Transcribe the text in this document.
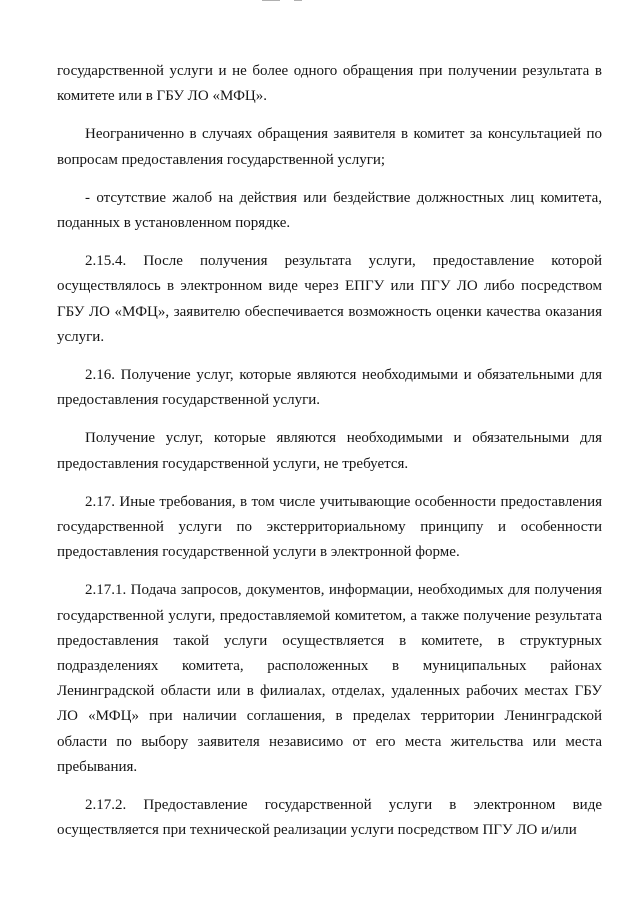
государственной услуги и не более одного обращения при получении результата в комитете или в ГБУ ЛО «МФЦ».

Неограниченно в случаях обращения заявителя в комитет за консультацией по вопросам предоставления государственной услуги;

- отсутствие жалоб на действия или бездействие должностных лиц комитета, поданных в установленном порядке.

2.15.4. После получения результата услуги, предоставление которой осуществлялось в электронном виде через ЕПГУ или ПГУ ЛО либо посредством ГБУ ЛО «МФЦ», заявителю обеспечивается возможность оценки качества оказания услуги.

2.16. Получение услуг, которые являются необходимыми и обязательными для предоставления государственной услуги.

Получение услуг, которые являются необходимыми и обязательными для предоставления государственной услуги, не требуется.

2.17. Иные требования, в том числе учитывающие особенности предоставления государственной услуги по экстерриториальному принципу и особенности предоставления государственной услуги в электронной форме.

2.17.1. Подача запросов, документов, информации, необходимых для получения государственной услуги, предоставляемой комитетом, а также получение результата предоставления такой услуги осуществляется в комитете, в структурных подразделениях комитета, расположенных в муниципальных районах Ленинградской области или в филиалах, отделах, удаленных рабочих местах ГБУ ЛО «МФЦ» при наличии соглашения, в пределах территории Ленинградской области по выбору заявителя независимо от его места жительства или места пребывания.

2.17.2. Предоставление государственной услуги в электронном виде осуществляется при технической реализации услуги посредством ПГУ ЛО и/или
